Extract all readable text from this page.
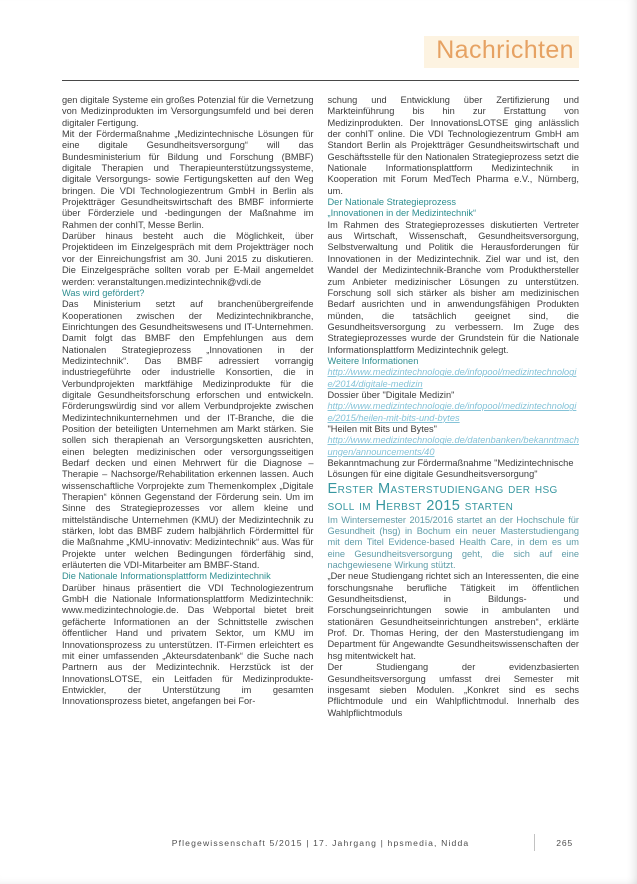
Nachrichten

gen digitale Systeme ein großes Potenzial für die Vernetzung von Medizinprodukten im Versorgungsumfeld und bei deren digitaler Fertigung.

Mit der Fördermaßnahme „Medizintechnische Lösungen für eine digitale Gesundheitsversorgung“ will das Bundesministerium für Bildung und Forschung (BMBF) digitale Therapien und Therapieunterstützungssysteme, digitale Versorgungs- sowie Fertigungsketten auf den Weg bringen. Die VDI Technologiezentrum GmbH in Berlin als Projektträger Gesundheitswirtschaft des BMBF informierte über Förderziele und -bedingungen der Maßnahme im Rahmen der conhIT, Messe Berlin.

Darüber hinaus besteht auch die Möglichkeit, über Projektideen im Einzelgespräch mit dem Projektträger noch vor der Einreichungsfrist am 30. Juni 2015 zu diskutieren. Die Einzelgespräche sollten vorab per E-Mail angemeldet werden: veranstaltungen.medizintechnik@vdi.de

Was wird gefördert?

Das Ministerium setzt auf branchenübergreifende Kooperationen zwischen der Medizintechnikbranche, Einrichtungen des Gesundheitswesens und IT-Unternehmen. Damit folgt das BMBF den Empfehlungen aus dem Nationalen Strategieprozess „Innovationen in der Medizintechnik“. Das BMBF adressiert vorrangig industriegeführte oder industrielle Konsortien, die in Verbundprojekten marktfähige Medizinprodukte für die digitale Gesundheitsforschung erforschen und entwickeln. Förderungswürdig sind vor allem Verbundprojekte zwischen Medizintechnikunternehmen und der IT-Branche, die die Position der beteiligten Unternehmen am Markt stärken. Sie sollen sich therapienah an Versorgungsketten ausrichten, einen belegten medizinischen oder versorgungsseitigen Bedarf decken und einen Mehrwert für die Diagnose – Therapie – Nachsorge/Rehabilitation erkennen lassen. Auch wissenschaftliche Vorprojekte zum Themenkomplex „Digitale Therapien“ können Gegenstand der Förderung sein. Um im Sinne des Strategieprozesses vor allem kleine und mittelständische Unternehmen (KMU) der Medizintechnik zu stärken, lobt das BMBF zudem halbjährlich Fördermittel für die Maßnahme „KMU-innovativ: Medizintechnik“ aus. Was für Projekte unter welchen Bedingungen förderfähig sind, erläuterten die VDI-Mitarbeiter am BMBF-Stand.

Die Nationale Informationsplattform Medizintechnik

Darüber hinaus präsentiert die VDI Technologiezentrum GmbH die Nationale Informationsplattform Medizintechnik: www.medizintechnologie.de. Das Webportal bietet breit gefächerte Informationen an der Schnittstelle zwischen öffentlicher Hand und privatem Sektor, um KMU im Innovationsprozess zu unterstützen. IT-Firmen erleichtert es mit einer umfassenden „Akteursdatenbank“ die Suche nach Partnern aus der Medizintechnik. Herzstück ist der InnovationsLOTSE, ein Leitfaden für Medizinprodukte-Entwickler, der Unterstützung im gesamten Innovationsprozess bietet, angefangen bei For-

schung und Entwicklung über Zertifizierung und Markteinführung bis hin zur Erstattung von Medizinprodukten. Der InnovationsLOTSE ging anlässlich der conhIT online. Die VDI Technologiezentrum GmbH am Standort Berlin als Projektträger Gesundheitswirtschaft und Geschäftsstelle für den Nationalen Strategieprozess setzt die Nationale Informationsplattform Medizintechnik in Kooperation mit Forum MedTech Pharma e.V., Nürnberg, um.

Der Nationale Strategieprozess

„Innovationen in der Medizintechnik“

Im Rahmen des Strategieprozesses diskutierten Vertreter aus Wirtschaft, Wissenschaft, Gesundheitsversorgung, Selbstverwaltung und Politik die Herausforderungen für Innovationen in der Medizintechnik. Ziel war und ist, den Wandel der Medizintechnik-Branche vom Produkthersteller zum Anbieter medizinischer Lösungen zu unterstützen. Forschung soll sich stärker als bisher am medizinischen Bedarf ausrichten und in anwendungsfähigen Produkten münden, die tatsächlich geeignet sind, die Gesundheitsversorgung zu verbessern. Im Zuge des Strategieprozesses wurde der Grundstein für die Nationale Informationsplattform Medizintechnik gelegt.

Weitere Informationen

http://www.medizintechnologie.de/infopool/medizintechnologie/2014/digitale-medizin

Dossier über "Digitale Medizin"

http://www.medizintechnologie.de/infopool/medizintechnologie/2015/heilen-mit-bits-und-bytes

"Heilen mit Bits und Bytes"

http://www.medizintechnologie.de/datenbanken/bekanntmachungen/announcements/40

Bekanntmachung zur Fördermaßnahme "Medizintechnische Lösungen für eine digitale Gesundheitsversorgung"

Erster Masterstudiengang der hsg soll im Herbst 2015 starten

Im Wintersemester 2015/2016 startet an der Hochschule für Gesundheit (hsg) in Bochum ein neuer Masterstudiengang mit dem Titel Evidence-based Health Care, in dem es um eine Gesundheitsversorgung geht, die sich auf eine nachgewiesene Wirkung stützt.

„Der neue Studiengang richtet sich an Interessenten, die eine forschungsnahe berufliche Tätigkeit im öffentlichen Gesundheitsdienst, in Bildungs- und Forschungseinrichtungen sowie in ambulanten und stationären Gesundheitseinrichtungen anstreben“, erklärte Prof. Dr. Thomas Hering, der den Masterstudiengang im Department für Angewandte Gesundheitswissenschaften der hsg mitentwickelt hat.

Der Studiengang der evidenzbasierten Gesundheitsversorgung umfasst drei Semester mit insgesamt sieben Modulen. „Konkret sind es sechs Pflichtmodule und ein Wahlpflichtmodul. Innerhalb des Wahlpflichtmoduls

Pflegewissenschaft 5/2015 | 17. Jahrgang | hpsmedia, Nidda	265
